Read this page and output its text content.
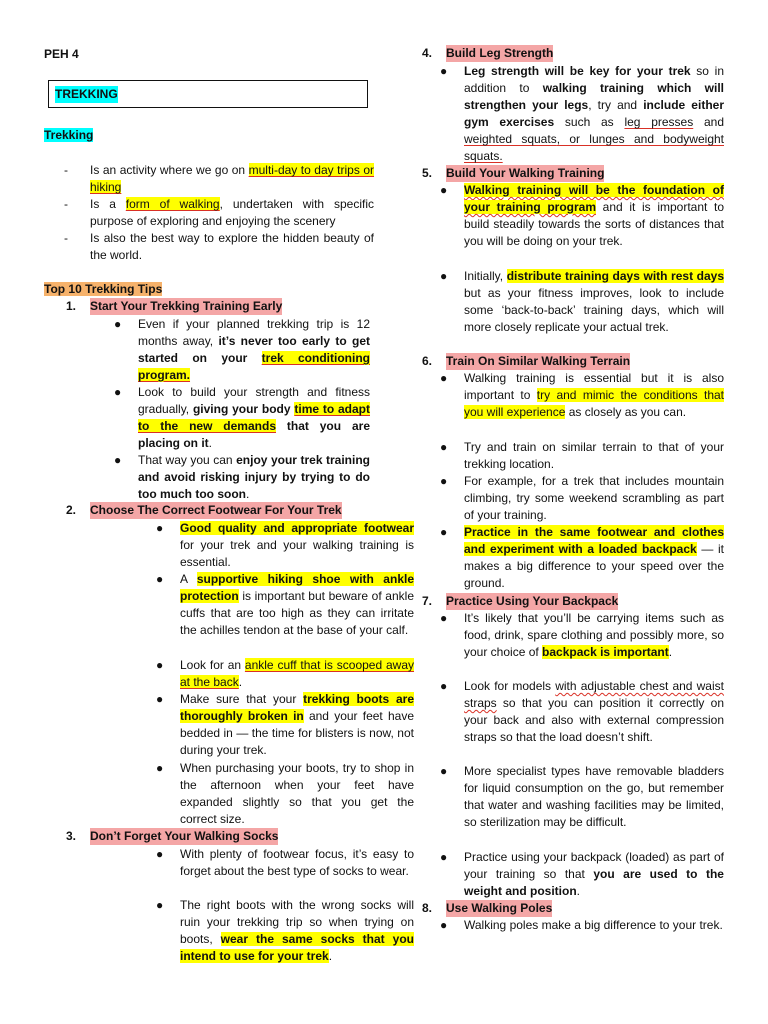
PEH 4
TREKKING
Trekking
- Is an activity where we go on multi-day to day trips or hiking
- Is a form of walking, undertaken with specific purpose of exploring and enjoying the scenery
- Is also the best way to explore the hidden beauty of the world.
Top 10 Trekking Tips
1. Start Your Trekking Training Early
● Even if your planned trekking trip is 12 months away, it’s never too early to get started on your trek conditioning program.
● Look to build your strength and fitness gradually, giving your body time to adapt to the new demands that you are placing on it.
● That way you can enjoy your trek training and avoid risking injury by trying to do too much too soon.
2. Choose The Correct Footwear For Your Trek
● Good quality and appropriate footwear for your trek and your walking training is essential.
● A supportive hiking shoe with ankle protection is important but beware of ankle cuffs that are too high as they can irritate the achilles tendon at the base of your calf.
● Look for an ankle cuff that is scooped away at the back.
● Make sure that your trekking boots are thoroughly broken in and your feet have bedded in — the time for blisters is now, not during your trek.
● When purchasing your boots, try to shop in the afternoon when your feet have expanded slightly so that you get the correct size.
3. Don’t Forget Your Walking Socks
● With plenty of footwear focus, it’s easy to forget about the best type of socks to wear.
● The right boots with the wrong socks will ruin your trekking trip so when trying on boots, wear the same socks that you intend to use for your trek.
4. Build Leg Strength
● Leg strength will be key for your trek so in addition to walking training which will strengthen your legs, try and include either gym exercises such as leg presses and weighted squats, or lunges and bodyweight squats.
5. Build Your Walking Training
● Walking training will be the foundation of your training program and it is important to build steadily towards the sorts of distances that you will be doing on your trek.
● Initially, distribute training days with rest days but as your fitness improves, look to include some ‘back-to-back’ training days, which will more closely replicate your actual trek.
6. Train On Similar Walking Terrain
● Walking training is essential but it is also important to try and mimic the conditions that you will experience as closely as you can.
● Try and train on similar terrain to that of your trekking location.
● For example, for a trek that includes mountain climbing, try some weekend scrambling as part of your training.
● Practice in the same footwear and clothes and experiment with a loaded backpack — it makes a big difference to your speed over the ground.
7. Practice Using Your Backpack
● It’s likely that you’ll be carrying items such as food, drink, spare clothing and possibly more, so your choice of backpack is important.
● Look for models with adjustable chest and waist straps so that you can position it correctly on your back and also with external compression straps so that the load doesn’t shift.
● More specialist types have removable bladders for liquid consumption on the go, but remember that water and washing facilities may be limited, so sterilization may be difficult.
● Practice using your backpack (loaded) as part of your training so that you are used to the weight and position.
8. Use Walking Poles
● Walking poles make a big difference to your trek.
